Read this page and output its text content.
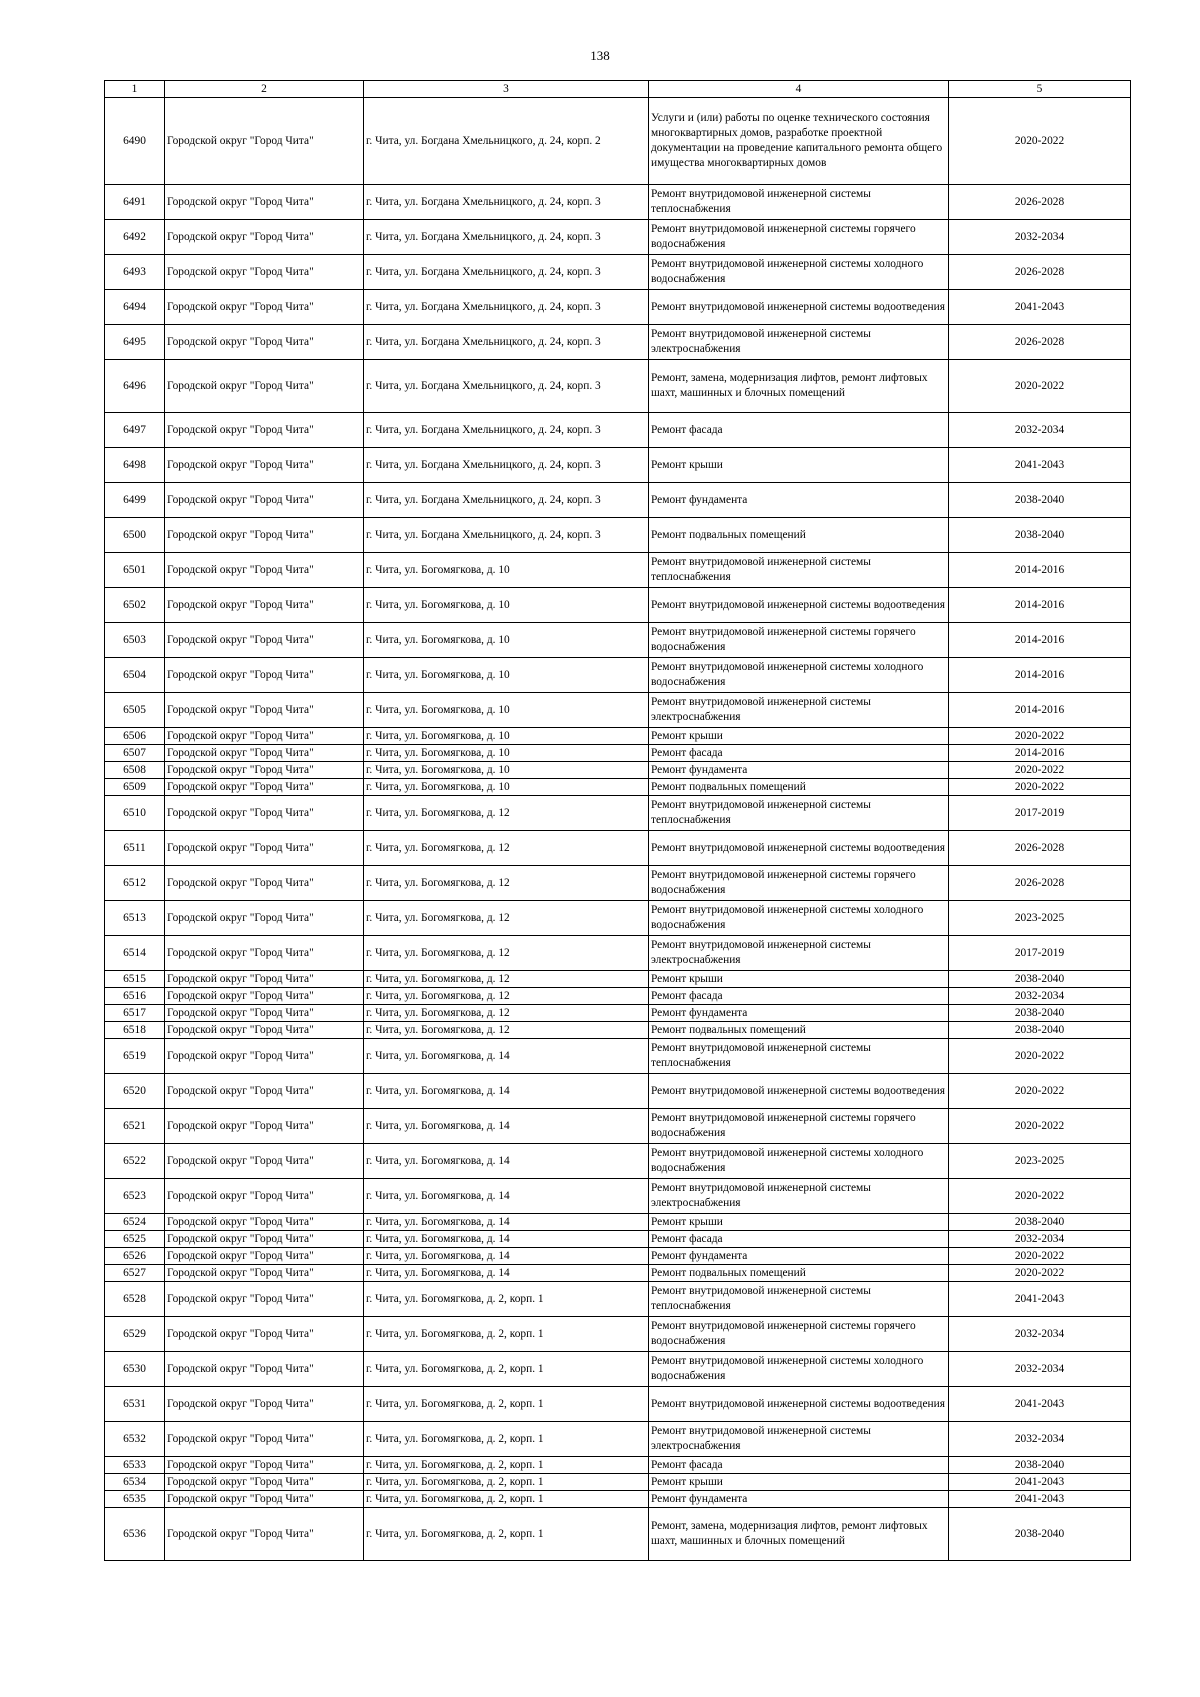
138
1	2	3	4	5
6490	Городской округ "Город Чита"	г. Чита, ул. Богдана Хмельницкого, д. 24, корп. 2	Услуги и (или) работы по оценке технического состояния многоквартирных домов, разработке проектной документации на проведение капитального ремонта общего имущества многоквартирных домов	2020-2022
6491	Городской округ "Город Чита"	г. Чита, ул. Богдана Хмельницкого, д. 24, корп. 3	Ремонт внутридомовой инженерной системы теплоснабжения	2026-2028
6492	Городской округ "Город Чита"	г. Чита, ул. Богдана Хмельницкого, д. 24, корп. 3	Ремонт внутридомовой инженерной системы горячего водоснабжения	2032-2034
6493	Городской округ "Город Чита"	г. Чита, ул. Богдана Хмельницкого, д. 24, корп. 3	Ремонт внутридомовой инженерной системы холодного водоснабжения	2026-2028
6494	Городской округ "Город Чита"	г. Чита, ул. Богдана Хмельницкого, д. 24, корп. 3	Ремонт внутридомовой инженерной системы водоотведения	2041-2043
6495	Городской округ "Город Чита"	г. Чита, ул. Богдана Хмельницкого, д. 24, корп. 3	Ремонт внутридомовой инженерной системы электроснабжения	2026-2028
6496	Городской округ "Город Чита"	г. Чита, ул. Богдана Хмельницкого, д. 24, корп. 3	Ремонт, замена, модернизация лифтов, ремонт лифтовых шахт, машинных и блочных помещений	2020-2022
6497	Городской округ "Город Чита"	г. Чита, ул. Богдана Хмельницкого, д. 24, корп. 3	Ремонт фасада	2032-2034
6498	Городской округ "Город Чита"	г. Чита, ул. Богдана Хмельницкого, д. 24, корп. 3	Ремонт крыши	2041-2043
6499	Городской округ "Город Чита"	г. Чита, ул. Богдана Хмельницкого, д. 24, корп. 3	Ремонт фундамента	2038-2040
6500	Городской округ "Город Чита"	г. Чита, ул. Богдана Хмельницкого, д. 24, корп. 3	Ремонт подвальных помещений	2038-2040
6501	Городской округ "Город Чита"	г. Чита, ул. Богомягкова, д. 10	Ремонт внутридомовой инженерной системы теплоснабжения	2014-2016
6502	Городской округ "Город Чита"	г. Чита, ул. Богомягкова, д. 10	Ремонт внутридомовой инженерной системы водоотведения	2014-2016
6503	Городской округ "Город Чита"	г. Чита, ул. Богомягкова, д. 10	Ремонт внутридомовой инженерной системы горячего водоснабжения	2014-2016
6504	Городской округ "Город Чита"	г. Чита, ул. Богомягкова, д. 10	Ремонт внутридомовой инженерной системы холодного водоснабжения	2014-2016
6505	Городской округ "Город Чита"	г. Чита, ул. Богомягкова, д. 10	Ремонт внутридомовой инженерной системы электроснабжения	2014-2016
6506	Городской округ "Город Чита"	г. Чита, ул. Богомягкова, д. 10	Ремонт крыши	2020-2022
6507	Городской округ "Город Чита"	г. Чита, ул. Богомягкова, д. 10	Ремонт фасада	2014-2016
6508	Городской округ "Город Чита"	г. Чита, ул. Богомягкова, д. 10	Ремонт фундамента	2020-2022
6509	Городской округ "Город Чита"	г. Чита, ул. Богомягкова, д. 10	Ремонт подвальных помещений	2020-2022
6510	Городской округ "Город Чита"	г. Чита, ул. Богомягкова, д. 12	Ремонт внутридомовой инженерной системы теплоснабжения	2017-2019
6511	Городской округ "Город Чита"	г. Чита, ул. Богомягкова, д. 12	Ремонт внутридомовой инженерной системы водоотведения	2026-2028
6512	Городской округ "Город Чита"	г. Чита, ул. Богомягкова, д. 12	Ремонт внутридомовой инженерной системы горячего водоснабжения	2026-2028
6513	Городской округ "Город Чита"	г. Чита, ул. Богомягкова, д. 12	Ремонт внутридомовой инженерной системы холодного водоснабжения	2023-2025
6514	Городской округ "Город Чита"	г. Чита, ул. Богомягкова, д. 12	Ремонт внутридомовой инженерной системы электроснабжения	2017-2019
6515	Городской округ "Город Чита"	г. Чита, ул. Богомягкова, д. 12	Ремонт крыши	2038-2040
6516	Городской округ "Город Чита"	г. Чита, ул. Богомягкова, д. 12	Ремонт фасада	2032-2034
6517	Городской округ "Город Чита"	г. Чита, ул. Богомягкова, д. 12	Ремонт фундамента	2038-2040
6518	Городской округ "Город Чита"	г. Чита, ул. Богомягкова, д. 12	Ремонт подвальных помещений	2038-2040
6519	Городской округ "Город Чита"	г. Чита, ул. Богомягкова, д. 14	Ремонт внутридомовой инженерной системы теплоснабжения	2020-2022
6520	Городской округ "Город Чита"	г. Чита, ул. Богомягкова, д. 14	Ремонт внутридомовой инженерной системы водоотведения	2020-2022
6521	Городской округ "Город Чита"	г. Чита, ул. Богомягкова, д. 14	Ремонт внутридомовой инженерной системы горячего водоснабжения	2020-2022
6522	Городской округ "Город Чита"	г. Чита, ул. Богомягкова, д. 14	Ремонт внутридомовой инженерной системы холодного водоснабжения	2023-2025
6523	Городской округ "Город Чита"	г. Чита, ул. Богомягкова, д. 14	Ремонт внутридомовой инженерной системы электроснабжения	2020-2022
6524	Городской округ "Город Чита"	г. Чита, ул. Богомягкова, д. 14	Ремонт крыши	2038-2040
6525	Городской округ "Город Чита"	г. Чита, ул. Богомягкова, д. 14	Ремонт фасада	2032-2034
6526	Городской округ "Город Чита"	г. Чита, ул. Богомягкова, д. 14	Ремонт фундамента	2020-2022
6527	Городской округ "Город Чита"	г. Чита, ул. Богомягкова, д. 14	Ремонт подвальных помещений	2020-2022
6528	Городской округ "Город Чита"	г. Чита, ул. Богомягкова, д. 2, корп. 1	Ремонт внутридомовой инженерной системы теплоснабжения	2041-2043
6529	Городской округ "Город Чита"	г. Чита, ул. Богомягкова, д. 2, корп. 1	Ремонт внутридомовой инженерной системы горячего водоснабжения	2032-2034
6530	Городской округ "Город Чита"	г. Чита, ул. Богомягкова, д. 2, корп. 1	Ремонт внутридомовой инженерной системы холодного водоснабжения	2032-2034
6531	Городской округ "Город Чита"	г. Чита, ул. Богомягкова, д. 2, корп. 1	Ремонт внутридомовой инженерной системы водоотведения	2041-2043
6532	Городской округ "Город Чита"	г. Чита, ул. Богомягкова, д. 2, корп. 1	Ремонт внутридомовой инженерной системы электроснабжения	2032-2034
6533	Городской округ "Город Чита"	г. Чита, ул. Богомягкова, д. 2, корп. 1	Ремонт фасада	2038-2040
6534	Городской округ "Город Чита"	г. Чита, ул. Богомягкова, д. 2, корп. 1	Ремонт крыши	2041-2043
6535	Городской округ "Город Чита"	г. Чита, ул. Богомягкова, д. 2, корп. 1	Ремонт фундамента	2041-2043
6536	Городской округ "Город Чита"	г. Чита, ул. Богомягкова, д. 2, корп. 1	Ремонт, замена, модернизация лифтов, ремонт лифтовых шахт, машинных и блочных помещений	2038-2040
